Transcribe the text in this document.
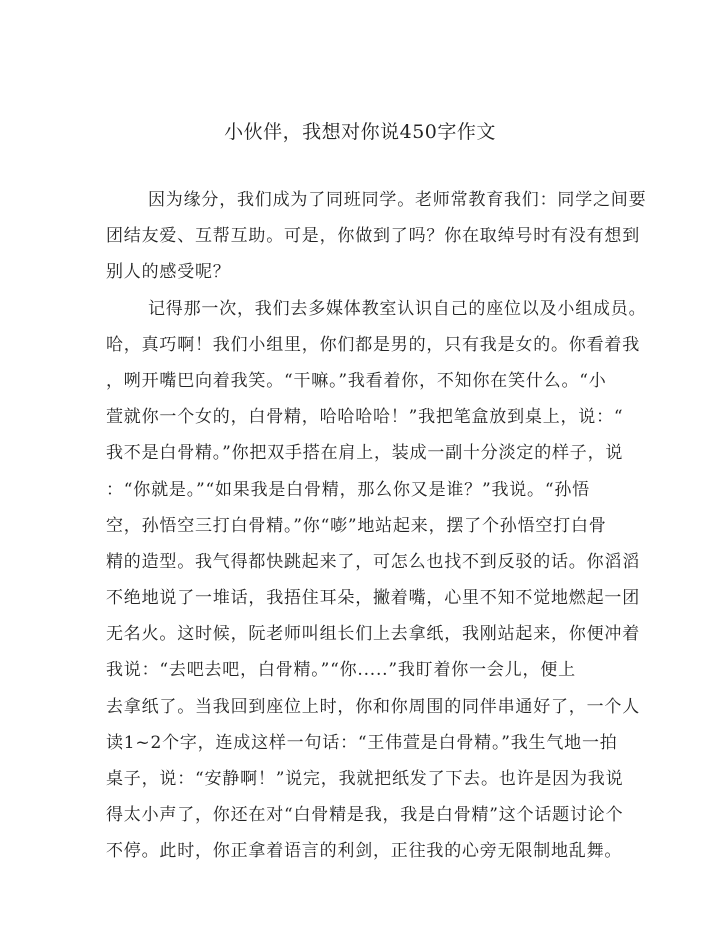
小伙伴，我想对你说450字作文
因为缘分，我们成为了同班同学。老师常教育我们：同学之间要
团结友爱、互帮互助。可是，你做到了吗？你在取绰号时有没有想到
别人的感受呢？
记得那一次，我们去多媒体教室认识自己的座位以及小组成员。
哈，真巧啊！我们小组里，你们都是男的，只有我是女的。你看着我
，咧开嘴巴向着我笑。“干嘛。”我看着你，不知你在笑什么。“小
萱就你一个女的，白骨精，哈哈哈哈！”我把笔盒放到桌上，说：“
我不是白骨精。”你把双手搭在肩上，装成一副十分淡定的样子，说
：“你就是。”“如果我是白骨精，那么你又是谁？”我说。“孙悟
空，孙悟空三打白骨精。”你“嘭”地站起来，摆了个孙悟空打白骨
精的造型。我气得都快跳起来了，可怎么也找不到反驳的话。你滔滔
不绝地说了一堆话，我捂住耳朵，撇着嘴，心里不知不觉地燃起一团
无名火。这时候，阮老师叫组长们上去拿纸，我刚站起来，你便冲着
我说：“去吧去吧，白骨精。”“你.....”我盯着你一会儿，便上
去拿纸了。当我回到座位上时，你和你周围的同伴串通好了，一个人
读1~2个字，连成这样一句话：“王伟萱是白骨精。”我生气地一拍
桌子，说：“安静啊！”说完，我就把纸发了下去。也许是因为我说
得太小声了，你还在对“白骨精是我，我是白骨精”这个话题讨论个
不停。此时，你正拿着语言的利剑，正往我的心旁无限制地乱舞。
